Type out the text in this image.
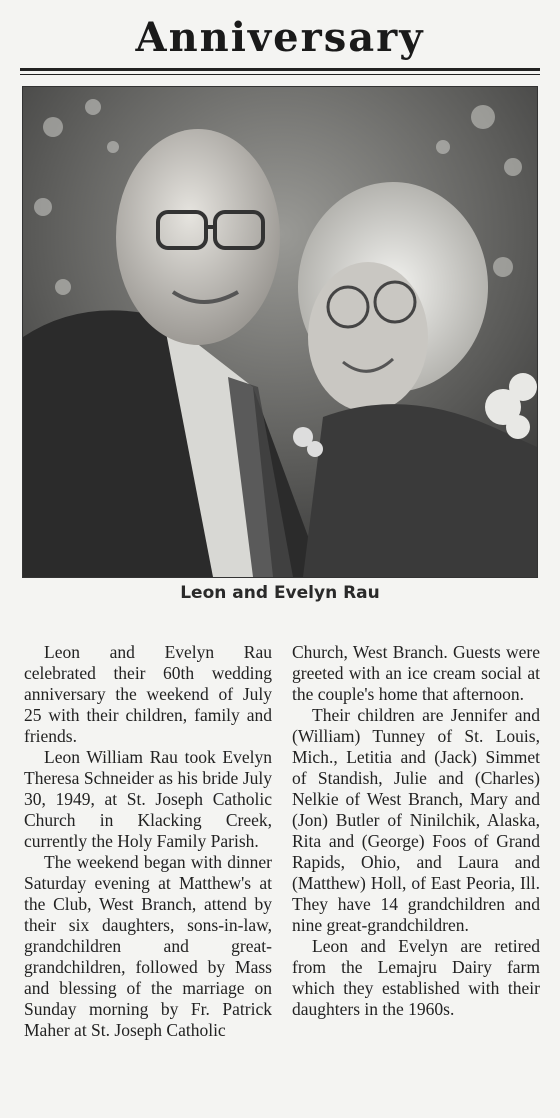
Anniversary
Leon and Evelyn Rau

Leon and Evelyn Rau celebrated their 60th wedding anniversary the weekend of July 25 with their children, family and friends.

Leon William Rau took Evelyn Theresa Schneider as his bride July 30, 1949, at St. Joseph Catholic Church in Klacking Creek, currently the Holy Family Parish.

The weekend began with dinner Saturday evening at Matthew's at the Club, West Branch, attend by their six daughters, sons-in-law, grandchildren and great-grandchildren, followed by Mass and blessing of the marriage on Sunday morning by Fr. Patrick Maher at St. Joseph Catholic

Church, West Branch. Guests were greeted with an ice cream social at the couple's home that afternoon.

Their children are Jennifer and (William) Tunney of St. Louis, Mich., Letitia and (Jack) Simmet of Standish, Julie and (Charles) Nelkie of West Branch, Mary and (Jon) Butler of Ninilchik, Alaska, Rita and (George) Foos of Grand Rapids, Ohio, and Laura and (Matthew) Holl, of East Peoria, Ill. They have 14 grandchildren and nine great-grandchildren.

Leon and Evelyn are retired from the Lemajru Dairy farm which they established with their daughters in the 1960s.
